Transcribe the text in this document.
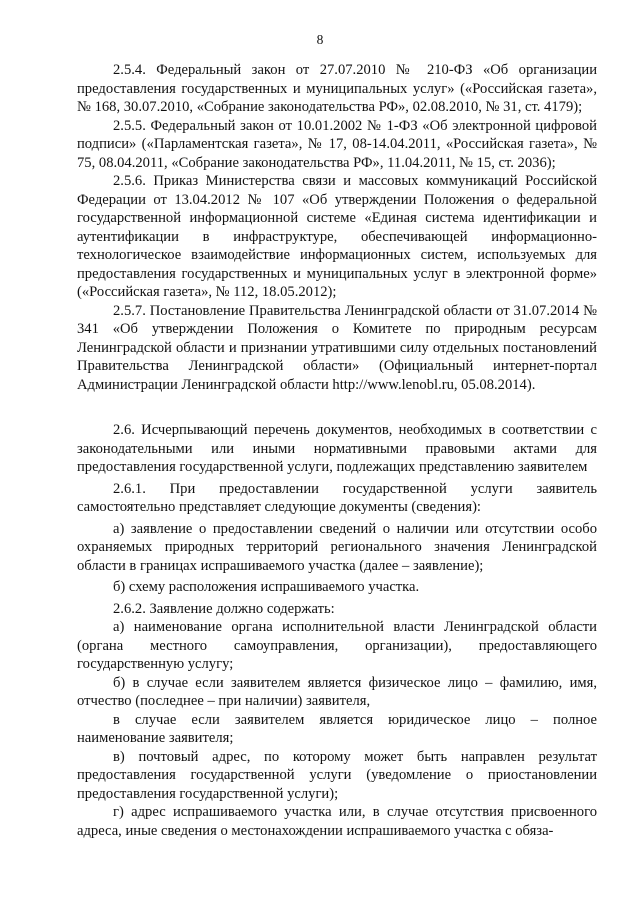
8

2.5.4. Федеральный закон от 27.07.2010 № 210-ФЗ «Об организации предоставления государственных и муниципальных услуг» («Российская газета», № 168, 30.07.2010, «Собрание законодательства РФ», 02.08.2010, № 31, ст. 4179);

2.5.5. Федеральный закон от 10.01.2002 № 1-ФЗ «Об электронной цифровой подписи» («Парламентская газета», № 17, 08-14.04.2011, «Российская газета», № 75, 08.04.2011, «Собрание законодательства РФ», 11.04.2011, № 15, ст. 2036);

2.5.6. Приказ Министерства связи и массовых коммуникаций Российской Федерации от 13.04.2012 № 107 «Об утверждении Положения о федеральной государственной информационной системе «Единая система идентификации и аутентификации в инфраструктуре, обеспечивающей информационно-технологическое взаимодействие информационных систем, используемых для предоставления государственных и муниципальных услуг в электронной форме» («Российская газета», № 112, 18.05.2012);

2.5.7. Постановление Правительства Ленинградской области от 31.07.2014 № 341 «Об утверждении Положения о Комитете по природным ресурсам Ленинградской области и признании утратившими силу отдельных постановлений Правительства Ленинградской области» (Официальный интернет-портал Администрации Ленинградской области http://www.lenobl.ru, 05.08.2014).

2.6. Исчерпывающий перечень документов, необходимых в соответствии с законодательными или иными нормативными правовыми актами для предоставления государственной услуги, подлежащих представлению заявителем

2.6.1. При предоставлении государственной услуги заявитель самостоятельно представляет следующие документы (сведения):

а) заявление о предоставлении сведений о наличии или отсутствии особо охраняемых природных территорий регионального значения Ленинградской области в границах испрашиваемого участка (далее – заявление);

б) схему расположения испрашиваемого участка.

2.6.2. Заявление должно содержать:

а) наименование органа исполнительной власти Ленинградской области (органа местного самоуправления, организации), предоставляющего государственную услугу;

б) в случае если заявителем является физическое лицо – фамилию, имя, отчество (последнее – при наличии) заявителя,

в случае если заявителем является юридическое лицо – полное наименование заявителя;

в) почтовый адрес, по которому может быть направлен результат предоставления государственной услуги (уведомление о приостановлении предоставления государственной услуги);

г) адрес испрашиваемого участка или, в случае отсутствия присвоенного адреса, иные сведения о местонахождении испрашиваемого участка с обяза-
